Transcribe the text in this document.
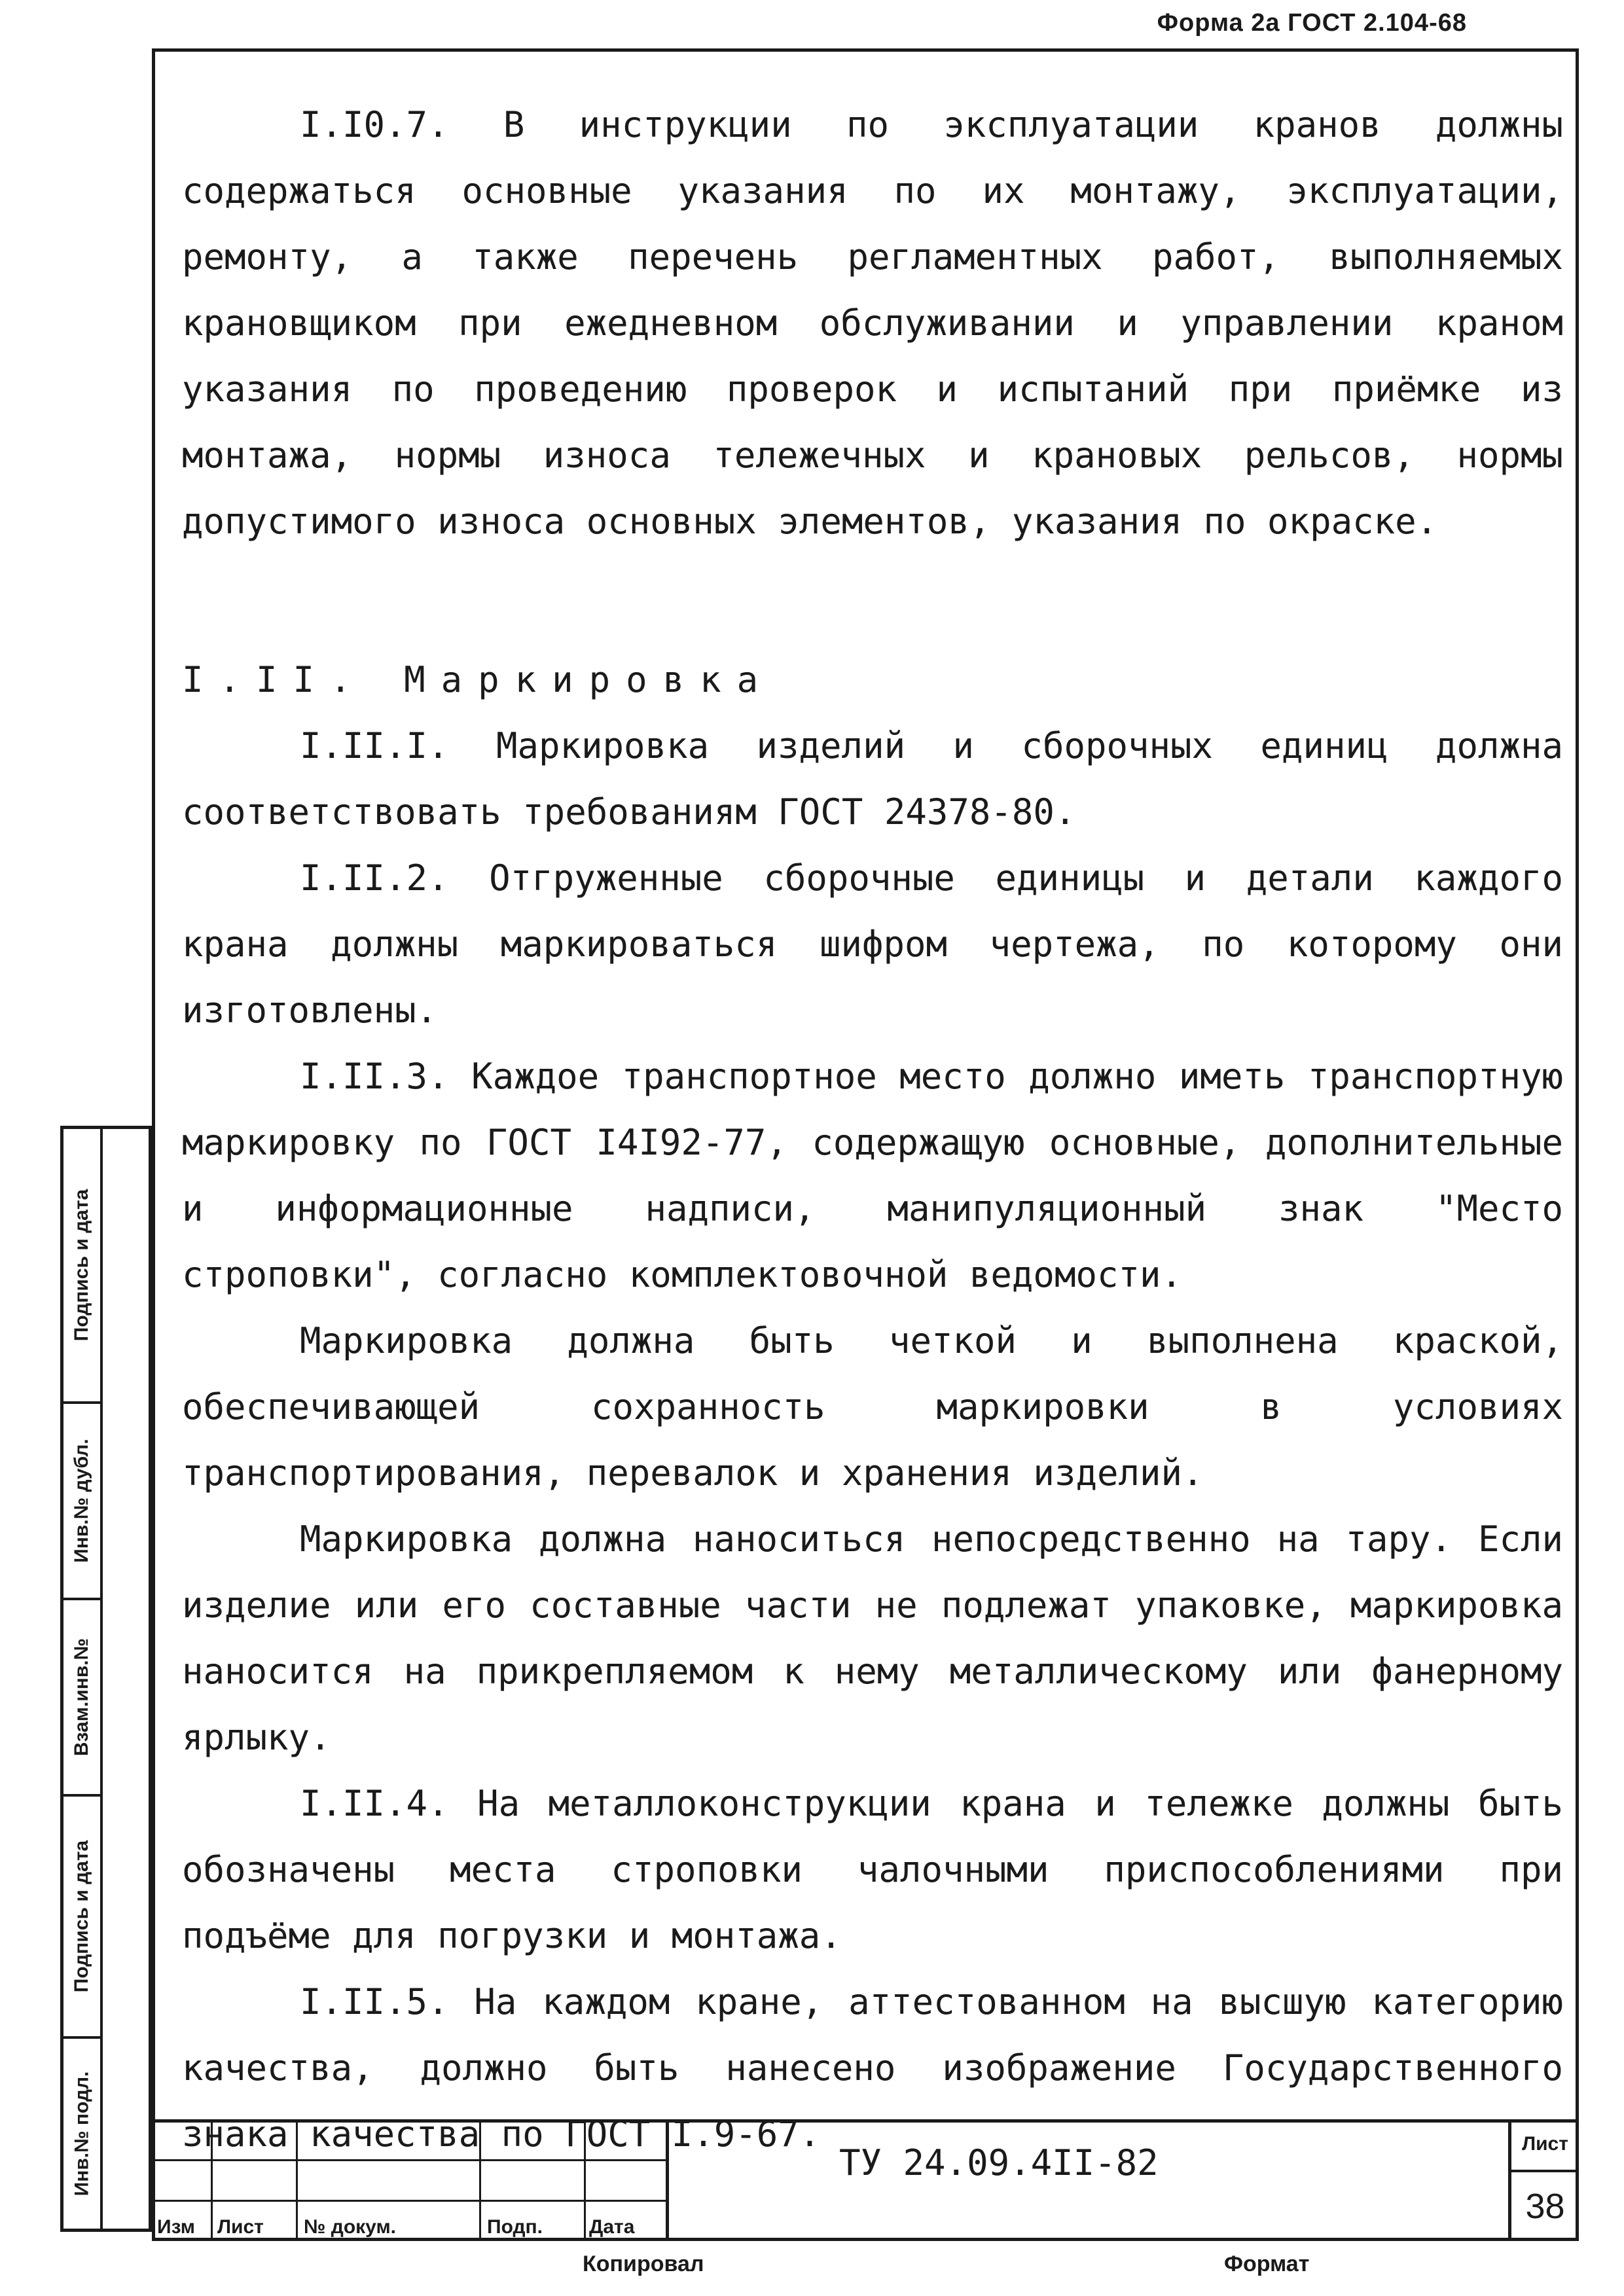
Форма 2а ГОСТ 2.104-68

I.I0.7. В инструкции по эксплуатации кранов должны содержаться основные указания по их монтажу, эксплуатации, ремонту, а также перечень регламентных работ, выполняемых крановщиком при ежедневном обслуживании и управлении краном указания по проведению проверок и испытаний при приёмке из монтажа, нормы износа тележечных и крановых рельсов, нормы допустимого износа основных элементов, указания по окраске.

I.II. Маркировка

I.II.I. Маркировка изделий и сборочных единиц должна соответствовать требованиям ГОСТ 24378-80.

I.II.2. Отгруженные сборочные единицы и детали каждого крана должны маркироваться шифром чертежа, по которому они изготовлены.

I.II.3. Каждое транспортное место должно иметь транспортную маркировку по ГОСТ I4I92-77, содержащую основные, дополнительные и информационные надписи, манипуляционный знак "Место строповки", согласно комплектовочной ведомости.

Маркировка должна быть четкой и выполнена краской, обеспечивающей сохранность маркировки в условиях транспортирования, перевалок и хранения изделий.

Маркировка должна наноситься непосредственно на тару. Если изделие или его составные части не подлежат упаковке, маркировка наносится на прикрепляемом к нему металлическому или фанерному ярлыку.

I.II.4. На металлоконструкции крана и тележке должны быть обозначены места строповки чалочными приспособлениями при подъёме для погрузки и монтажа.

I.II.5. На каждом кране, аттестованном на высшую категорию качества, должно быть нанесено изображение Государственного знака качества по ГОСТ I.9-67.

Подпись и дата
Инв.№ дубл.
Взам.инв.№
Подпись и дата
Инв.№ подл.
Изм Лист № докум.	Подп. Дата
ТУ 24.09.4II-82	Лист
38
Копировал	Формат
